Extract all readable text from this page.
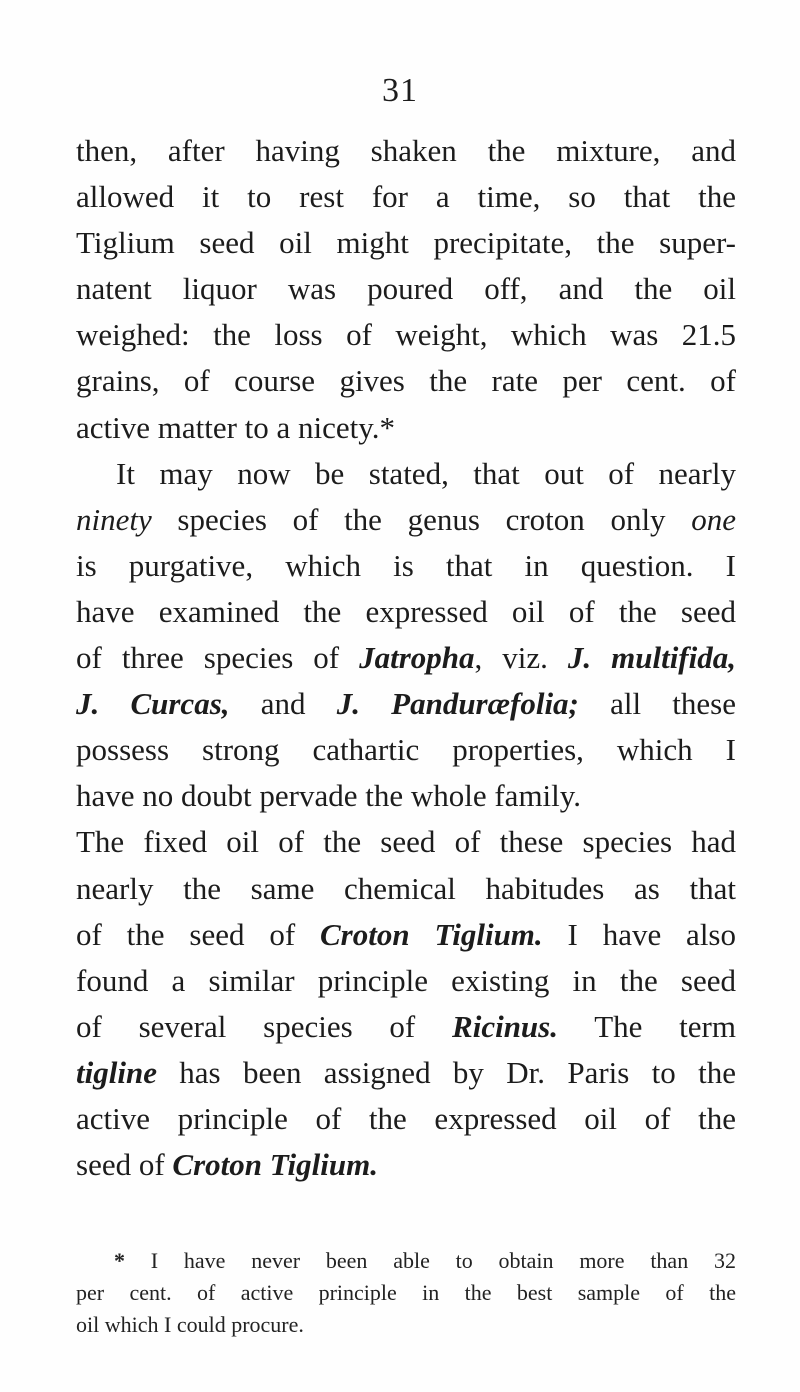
31
then, after having shaken the mixture, and
allowed it to rest for a time, so that the
Tiglium seed oil might precipitate, the super-
natent liquor was poured off, and the oil
weighed: the loss of weight, which was 21.5
grains, of course gives the rate per cent. of
active matter to a nicety.*
It may now be stated, that out of nearly
ninety species of the genus croton only one
is purgative, which is that in question. I
have examined the expressed oil of the seed
of three species of Jatropha, viz. J. multifida,
J. Curcas, and J. Panduræfolia; all these
possess strong cathartic properties, which I
have no doubt pervade the whole family.
The fixed oil of the seed of these species had
nearly the same chemical habitudes as that
of the seed of Croton Tiglium. I have also
found a similar principle existing in the seed
of several species of Ricinus. The term
tigline has been assigned by Dr. Paris to the
active principle of the expressed oil of the
seed of Croton Tiglium.
* I have never been able to obtain more than 32
per cent. of active principle in the best sample of the
oil which I could procure.
